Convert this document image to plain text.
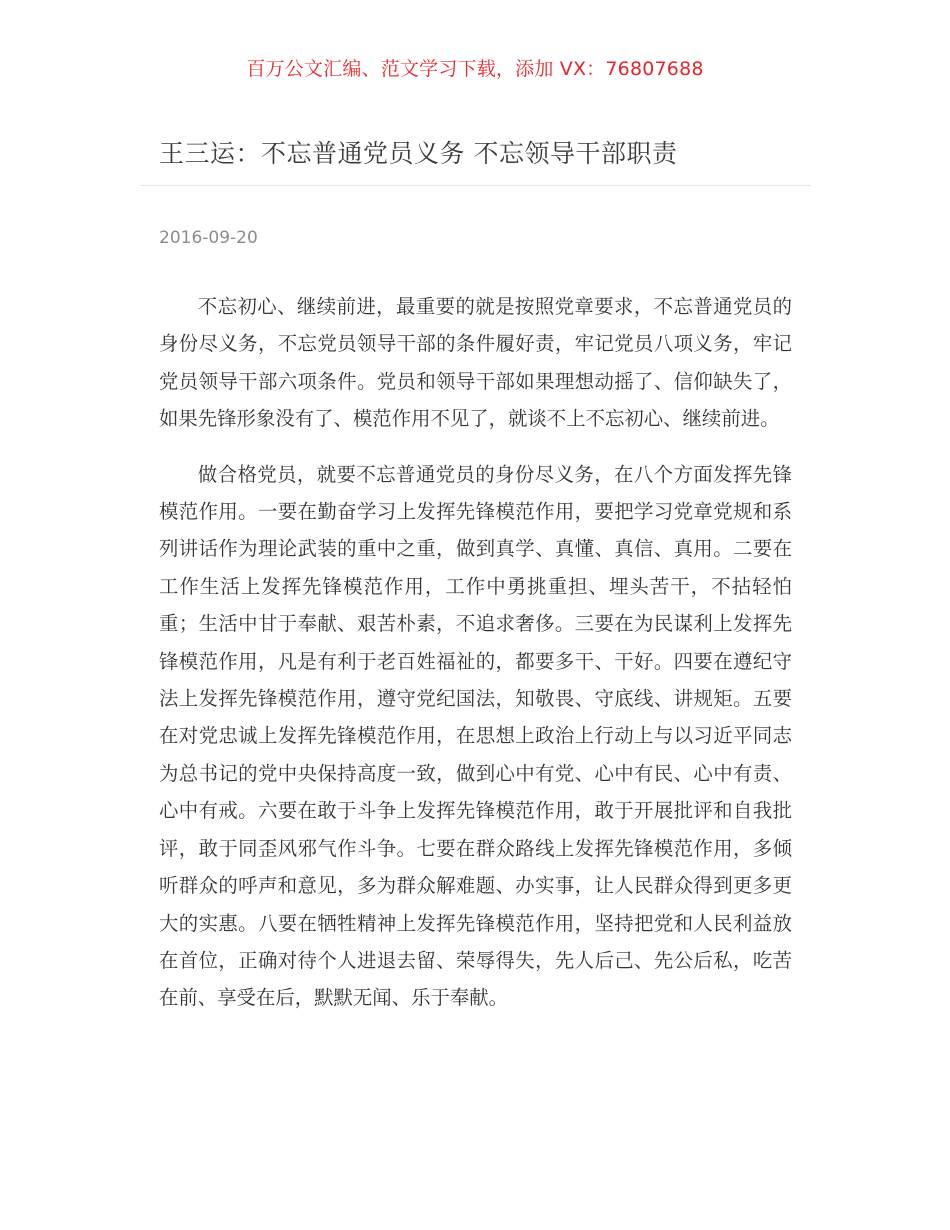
百万公文汇编、范文学习下载，添加 VX：76807688
王三运：不忘普通党员义务 不忘领导干部职责
2016-09-20

不忘初心、继续前进，最重要的就是按照党章要求，不忘普通党员的身份尽义务，不忘党员领导干部的条件履好责，牢记党员八项义务，牢记党员领导干部六项条件。党员和领导干部如果理想动摇了、信仰缺失了，如果先锋形象没有了、模范作用不见了，就谈不上不忘初心、继续前进。

做合格党员，就要不忘普通党员的身份尽义务，在八个方面发挥先锋模范作用。一要在勤奋学习上发挥先锋模范作用，要把学习党章党规和系列讲话作为理论武装的重中之重，做到真学、真懂、真信、真用。二要在工作生活上发挥先锋模范作用，工作中勇挑重担、埋头苦干，不拈轻怕重；生活中甘于奉献、艰苦朴素，不追求奢侈。三要在为民谋利上发挥先锋模范作用，凡是有利于老百姓福祉的，都要多干、干好。四要在遵纪守法上发挥先锋模范作用，遵守党纪国法，知敬畏、守底线、讲规矩。五要在对党忠诚上发挥先锋模范作用，在思想上政治上行动上与以习近平同志为总书记的党中央保持高度一致，做到心中有党、心中有民、心中有责、心中有戒。六要在敢于斗争上发挥先锋模范作用，敢于开展批评和自我批评，敢于同歪风邪气作斗争。七要在群众路线上发挥先锋模范作用，多倾听群众的呼声和意见，多为群众解难题、办实事，让人民群众得到更多更大的实惠。八要在牺牲精神上发挥先锋模范作用，坚持把党和人民利益放在首位，正确对待个人进退去留、荣辱得失，先人后己、先公后私，吃苦在前、享受在后，默默无闻、乐于奉献。
